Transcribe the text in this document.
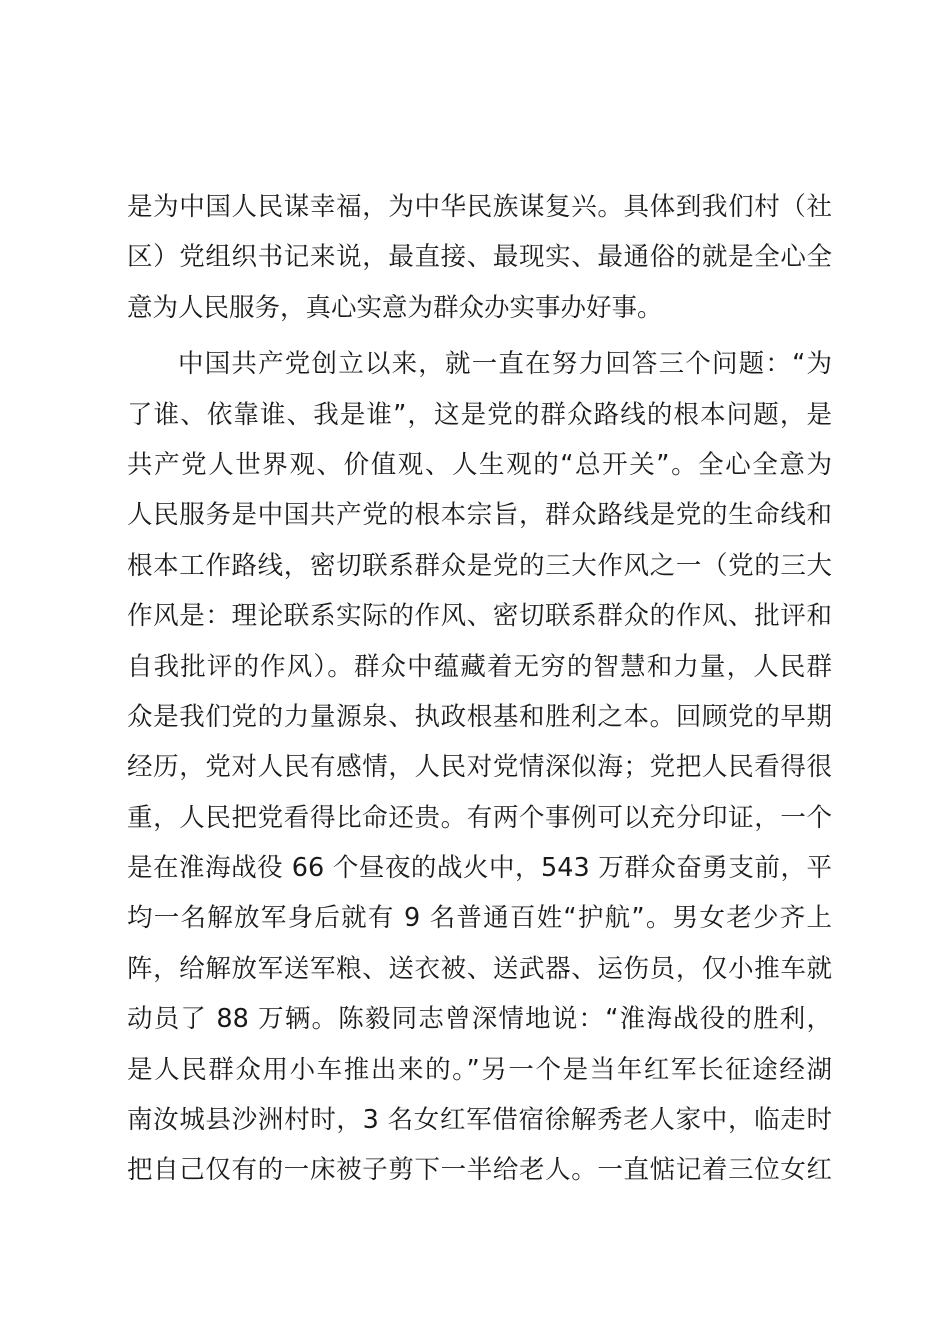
是为中国人民谋幸福，为中华民族谋复兴。具体到我们村（社
区）党组织书记来说，最直接、最现实、最通俗的就是全心全
意为人民服务，真心实意为群众办实事办好事。
中国共产党创立以来，就一直在努力回答三个问题：“为
了谁、依靠谁、我是谁”，这是党的群众路线的根本问题，是
共产党人世界观、价值观、人生观的“总开关”。全心全意为
人民服务是中国共产党的根本宗旨，群众路线是党的生命线和
根本工作路线，密切联系群众是党的三大作风之一（党的三大
作风是：理论联系实际的作风、密切联系群众的作风、批评和
自我批评的作风）。群众中蕴藏着无穷的智慧和力量，人民群
众是我们党的力量源泉、执政根基和胜利之本。回顾党的早期
经历，党对人民有感情，人民对党情深似海；党把人民看得很
重，人民把党看得比命还贵。有两个事例可以充分印证，一个
是在淮海战役 66 个昼夜的战火中，543 万群众奋勇支前，平
均一名解放军身后就有 9 名普通百姓“护航”。男女老少齐上
阵，给解放军送军粮、送衣被、送武器、运伤员，仅小推车就
动员了 88 万辆。陈毅同志曾深情地说：“淮海战役的胜利，
是人民群众用小车推出来的。”另一个是当年红军长征途经湖
南汝城县沙洲村时，3 名女红军借宿徐解秀老人家中，临走时
把自己仅有的一床被子剪下一半给老人。一直惦记着三位女红
